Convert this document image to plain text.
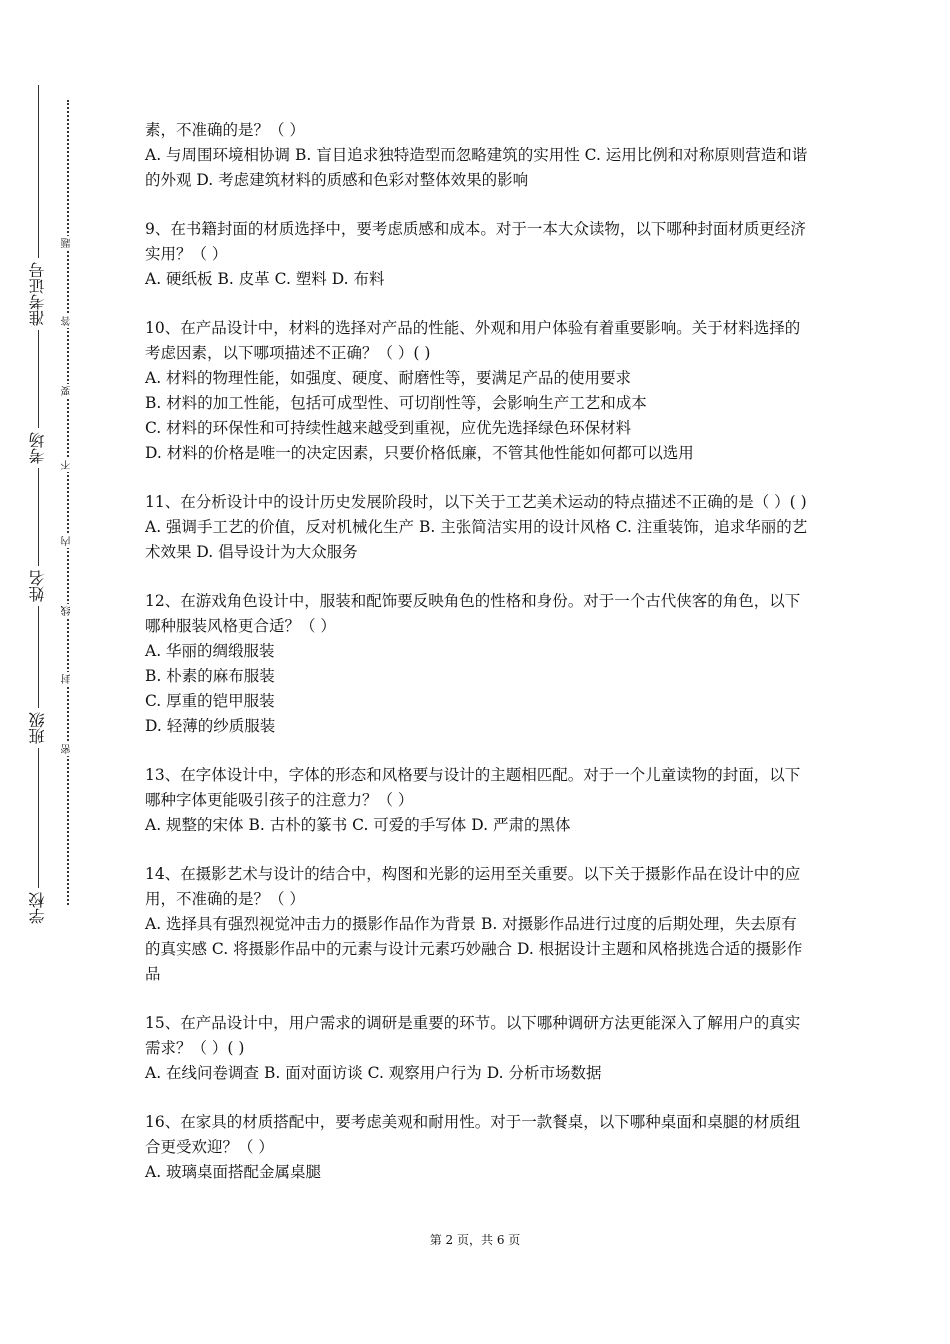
学校
班级
姓名
考场
准考证号
密
封
线
内
不
要
答
题

素，不准确的是？（ ）

A. 与周围环境相协调 B. 盲目追求独特造型而忽略建筑的实用性 C. 运用比例和对称原则营造和谐的外观 D. 考虑建筑材料的质感和色彩对整体效果的影响

9、在书籍封面的材质选择中，要考虑质感和成本。对于一本大众读物，以下哪种封面材质更经济实用？（ ）

A. 硬纸板 B. 皮革 C. 塑料 D. 布料

10、在产品设计中，材料的选择对产品的性能、外观和用户体验有着重要影响。关于材料选择的考虑因素，以下哪项描述不正确？（ ）( )

A. 材料的物理性能，如强度、硬度、耐磨性等，要满足产品的使用要求

B. 材料的加工性能，包括可成型性、可切削性等，会影响生产工艺和成本

C. 材料的环保性和可持续性越来越受到重视，应优先选择绿色环保材料

D. 材料的价格是唯一的决定因素，只要价格低廉，不管其他性能如何都可以选用

11、在分析设计中的设计历史发展阶段时，以下关于工艺美术运动的特点描述不正确的是（ ）( )

A. 强调手工艺的价值，反对机械化生产 B. 主张简洁实用的设计风格 C. 注重装饰，追求华丽的艺术效果 D. 倡导设计为大众服务

12、在游戏角色设计中，服装和配饰要反映角色的性格和身份。对于一个古代侠客的角色，以下哪种服装风格更合适？（ ）

A. 华丽的绸缎服装

B. 朴素的麻布服装

C. 厚重的铠甲服装

D. 轻薄的纱质服装

13、在字体设计中，字体的形态和风格要与设计的主题相匹配。对于一个儿童读物的封面，以下哪种字体更能吸引孩子的注意力？（ ）

A. 规整的宋体 B. 古朴的篆书 C. 可爱的手写体 D. 严肃的黑体

14、在摄影艺术与设计的结合中，构图和光影的运用至关重要。以下关于摄影作品在设计中的应用，不准确的是？（ ）

A. 选择具有强烈视觉冲击力的摄影作品作为背景 B. 对摄影作品进行过度的后期处理，失去原有的真实感 C. 将摄影作品中的元素与设计元素巧妙融合 D. 根据设计主题和风格挑选合适的摄影作品

15、在产品设计中，用户需求的调研是重要的环节。以下哪种调研方法更能深入了解用户的真实需求？（ ）( )

A. 在线问卷调查 B. 面对面访谈 C. 观察用户行为 D. 分析市场数据

16、在家具的材质搭配中，要考虑美观和耐用性。对于一款餐桌，以下哪种桌面和桌腿的材质组合更受欢迎？（ ）

A. 玻璃桌面搭配金属桌腿

第 2 页，共 6 页
